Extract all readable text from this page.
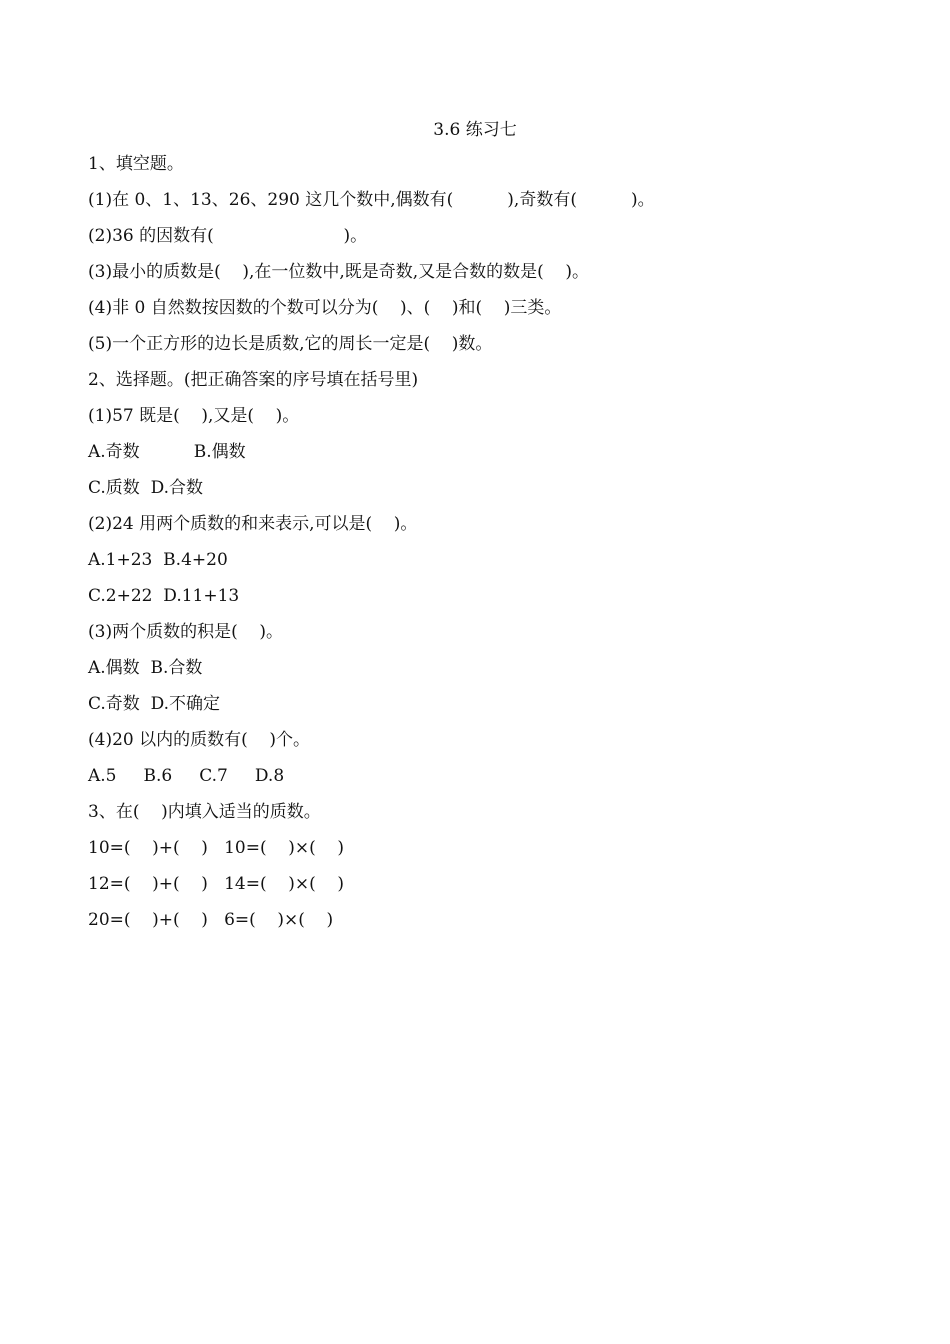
3.6 练习七
1、填空题。
(1)在 0、1、13、26、290 这几个数中,偶数有(          ),奇数有(          )。
(2)36 的因数有(                        )。
(3)最小的质数是(    ),在一位数中,既是奇数,又是合数的数是(    )。
(4)非 0 自然数按因数的个数可以分为(    )、(    )和(    )三类。
(5)一个正方形的边长是质数,它的周长一定是(    )数。
2、选择题。(把正确答案的序号填在括号里)
(1)57 既是(    ),又是(    )。
A.奇数          B.偶数
C.质数  D.合数
(2)24 用两个质数的和来表示,可以是(    )。
A.1+23  B.4+20
C.2+22  D.11+13
(3)两个质数的积是(    )。
A.偶数  B.合数
C.奇数  D.不确定
(4)20 以内的质数有(    )个。
A.5     B.6     C.7     D.8
3、在(    )内填入适当的质数。
10=(    )+(    )   10=(    )×(    )
12=(    )+(    )   14=(    )×(    )
20=(    )+(    )   6=(    )×(    )
